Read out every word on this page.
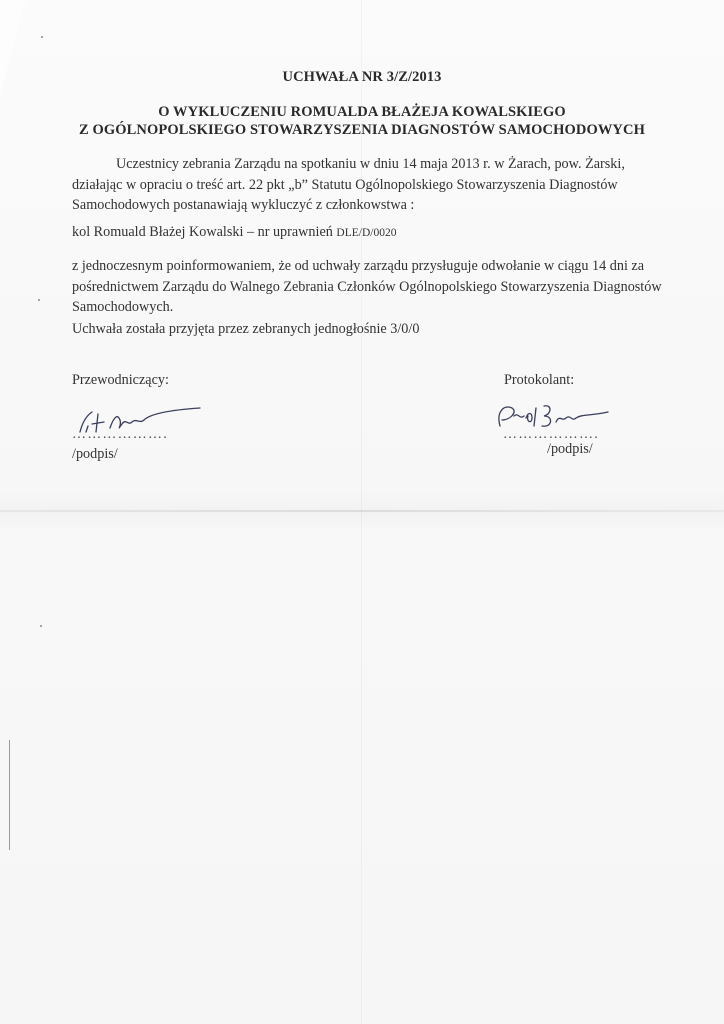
UCHWAŁA NR 3/Z/2013
O WYKLUCZENIU ROMUALDA BŁAŻEJA KOWALSKIEGO
Z OGÓLNOPOLSKIEGO STOWARZYSZENIA DIAGNOSTÓW SAMOCHODOWYCH
Uczestnicy zebrania Zarządu na spotkaniu w dniu 14 maja 2013 r. w Żarach, pow. Żarski, działając w opraciu o treść art. 22 pkt „b” Statutu Ogólnopolskiego Stowarzyszenia Diagnostów Samochodowych postanawiają wykluczyć z członkowstwa :
kol Romuald Błażej Kowalski – nr uprawnień DLE/D/0020
z jednoczesnym poinformowaniem, że od uchwały zarządu przysługuje odwołanie w ciągu 14 dni za pośrednictwem Zarządu do Walnego Zebrania Członków Ogólnopolskiego Stowarzyszenia Diagnostów Samochodowych.
Uchwała została przyjęta przez zebranych jednogłośnie 3/0/0
Przewodniczący:	Protokolant:
……………….
/podpis/
……………….
/podpis/
